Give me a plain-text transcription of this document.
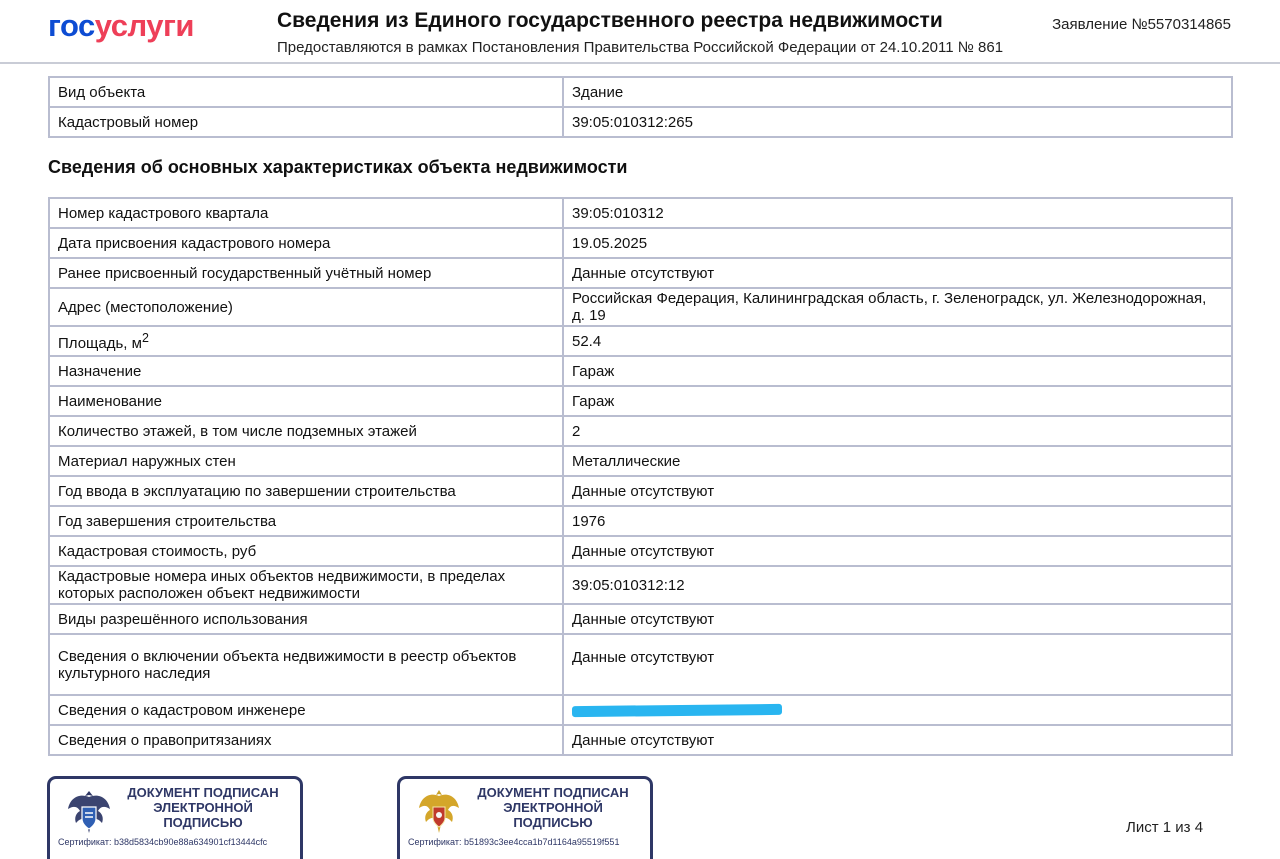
госуслуги	Сведения из Единого государственного реестра недвижимости
Предоставляются в рамках Постановления Правительства Российской Федерации от 24.10.2011 № 861
Заявление №5570314865
Вид объекта	Здание
Кадастровый номер	39:05:010312:265
Сведения об основных характеристиках объекта недвижимости
Номер кадастрового квартала	39:05:010312
Дата присвоения кадастрового номера	19.05.2025
Ранее присвоенный государственный учётный номер	Данные отсутствуют
Адрес (местоположение)	Российская Федерация, Калининградская область, г. Зеленоградск, ул. Железнодорожная, д. 19
Площадь, $м^2$	52.4
Назначение	Гараж
Наименование	Гараж
Количество этажей, в том числе подземных этажей	2
Материал наружных стен	Металлические
Год ввода в эксплуатацию по завершении строительства	Данные отсутствуют
Год завершения строительства	1976
Кадастровая стоимость, руб	Данные отсутствуют
Кадастровые номера иных объектов недвижимости, в пределах которых расположен объект недвижимости	39:05:010312:12
Виды разрешённого использования	Данные отсутствуют
Сведения о включении объекта недвижимости в реестр объектов культурного наследия	Данные отсутствуют
Сведения о кадастровом инженере	
Сведения о правопритязаниях	Данные отсутствуют
ДОКУМЕНТ ПОДПИСАН
ЭЛЕКТРОННОЙ
ПОДПИСЬЮ
Сертификат: b38d5834cb90e88a634901cf13444cfc
ДОКУМЕНТ ПОДПИСАН
ЭЛЕКТРОННОЙ
ПОДПИСЬЮ
Сертификат: b51893c3ee4cca1b7d1164a95519f551
Лист 1 из 4
